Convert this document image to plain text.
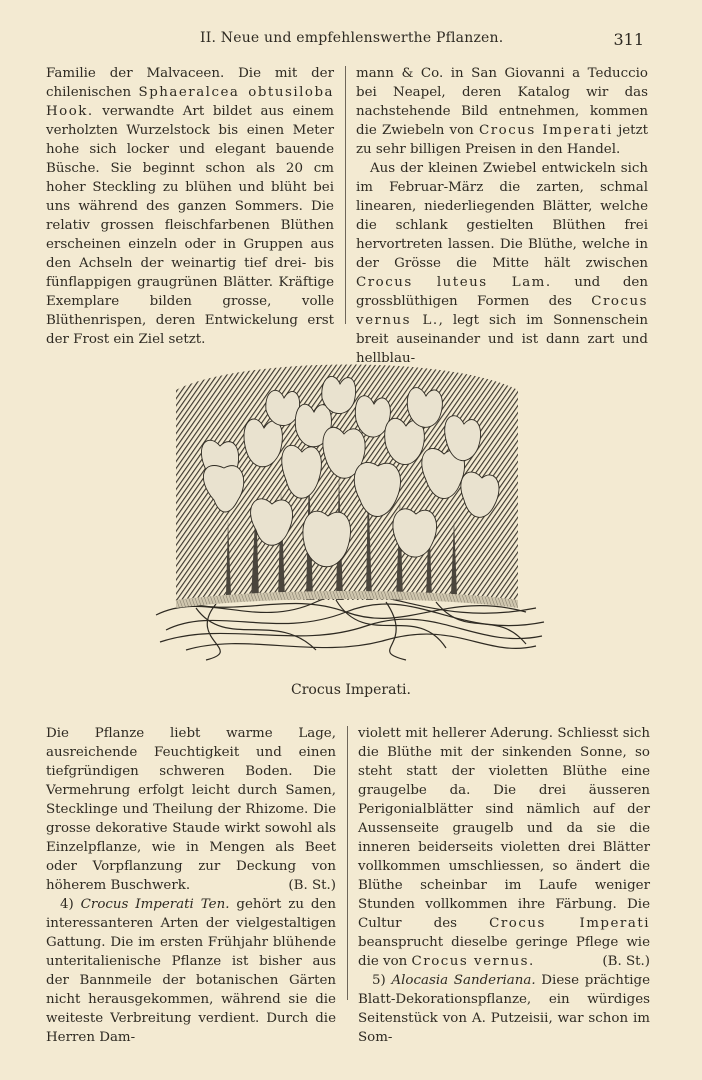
II. Neue und empfehlenswerthe Pflanzen.	311

Familie der Malvaceen. Die mit der chilenischen Sphaeralcea obtusiloba Hook. verwandte Art bildet aus einem verholzten Wurzelstock bis einen Meter hohe sich locker und elegant bauende Büsche. Sie beginnt schon als 20 cm hoher Steckling zu blühen und blüht bei uns während des ganzen Sommers. Die relativ grossen fleischfarbenen Blüthen erscheinen einzeln oder in Gruppen aus den Achseln der weinartig tief drei- bis fünflappigen graugrünen Blätter. Kräftige Exemplare bilden grosse, volle Blüthenrispen, deren Entwickelung erst der Frost ein Ziel setzt.

mann & Co. in San Giovanni a Teduccio bei Neapel, deren Katalog wir das nachstehende Bild entnehmen, kommen die Zwiebeln von Crocus Imperati jetzt zu sehr billigen Preisen in den Handel.

Aus der kleinen Zwiebel entwickeln sich im Februar-März die zarten, schmal linearen, niederliegenden Blätter, welche die schlank gestielten Blüthen frei hervortreten lassen. Die Blüthe, welche in der Grösse die Mitte hält zwischen Crocus luteus Lam. und den grossblüthigen Formen des Crocus vernus L., legt sich im Sonnenschein breit auseinander und ist dann zart und hellblau-

Crocus Imperati.

Die Pflanze liebt warme Lage, ausreichende Feuchtigkeit und einen tiefgründigen schweren Boden. Die Vermehrung erfolgt leicht durch Samen, Stecklinge und Theilung der Rhizome. Die grosse dekorative Staude wirkt sowohl als Einzelpflanze, wie in Mengen als Beet oder Vorpflanzung zur Deckung von höherem Buschwerk.	(B. St.)

4) Crocus Imperati Ten. gehört zu den interessanteren Arten der vielgestaltigen Gattung. Die im ersten Frühjahr blühende unteritalienische Pflanze ist bisher aus der Bannmeile der botanischen Gärten nicht herausgekommen, während sie die weiteste Verbreitung verdient. Durch die Herren Dam-

violett mit hellerer Aderung. Schliesst sich die Blüthe mit der sinkenden Sonne, so steht statt der violetten Blüthe eine graugelbe da. Die drei äusseren Perigonialblätter sind nämlich auf der Aussenseite graugelb und da sie die inneren beiderseits violetten drei Blätter vollkommen umschliessen, so ändert die Blüthe scheinbar im Laufe weniger Stunden vollkommen ihre Färbung. Die Cultur des Crocus Imperati beansprucht dieselbe geringe Pflege wie die von Crocus vernus.	(B. St.)

5) Alocasia Sanderiana. Diese prächtige Blatt-Dekorationspflanze, ein würdiges Seitenstück von A. Putzeisii, war schon im Som-
